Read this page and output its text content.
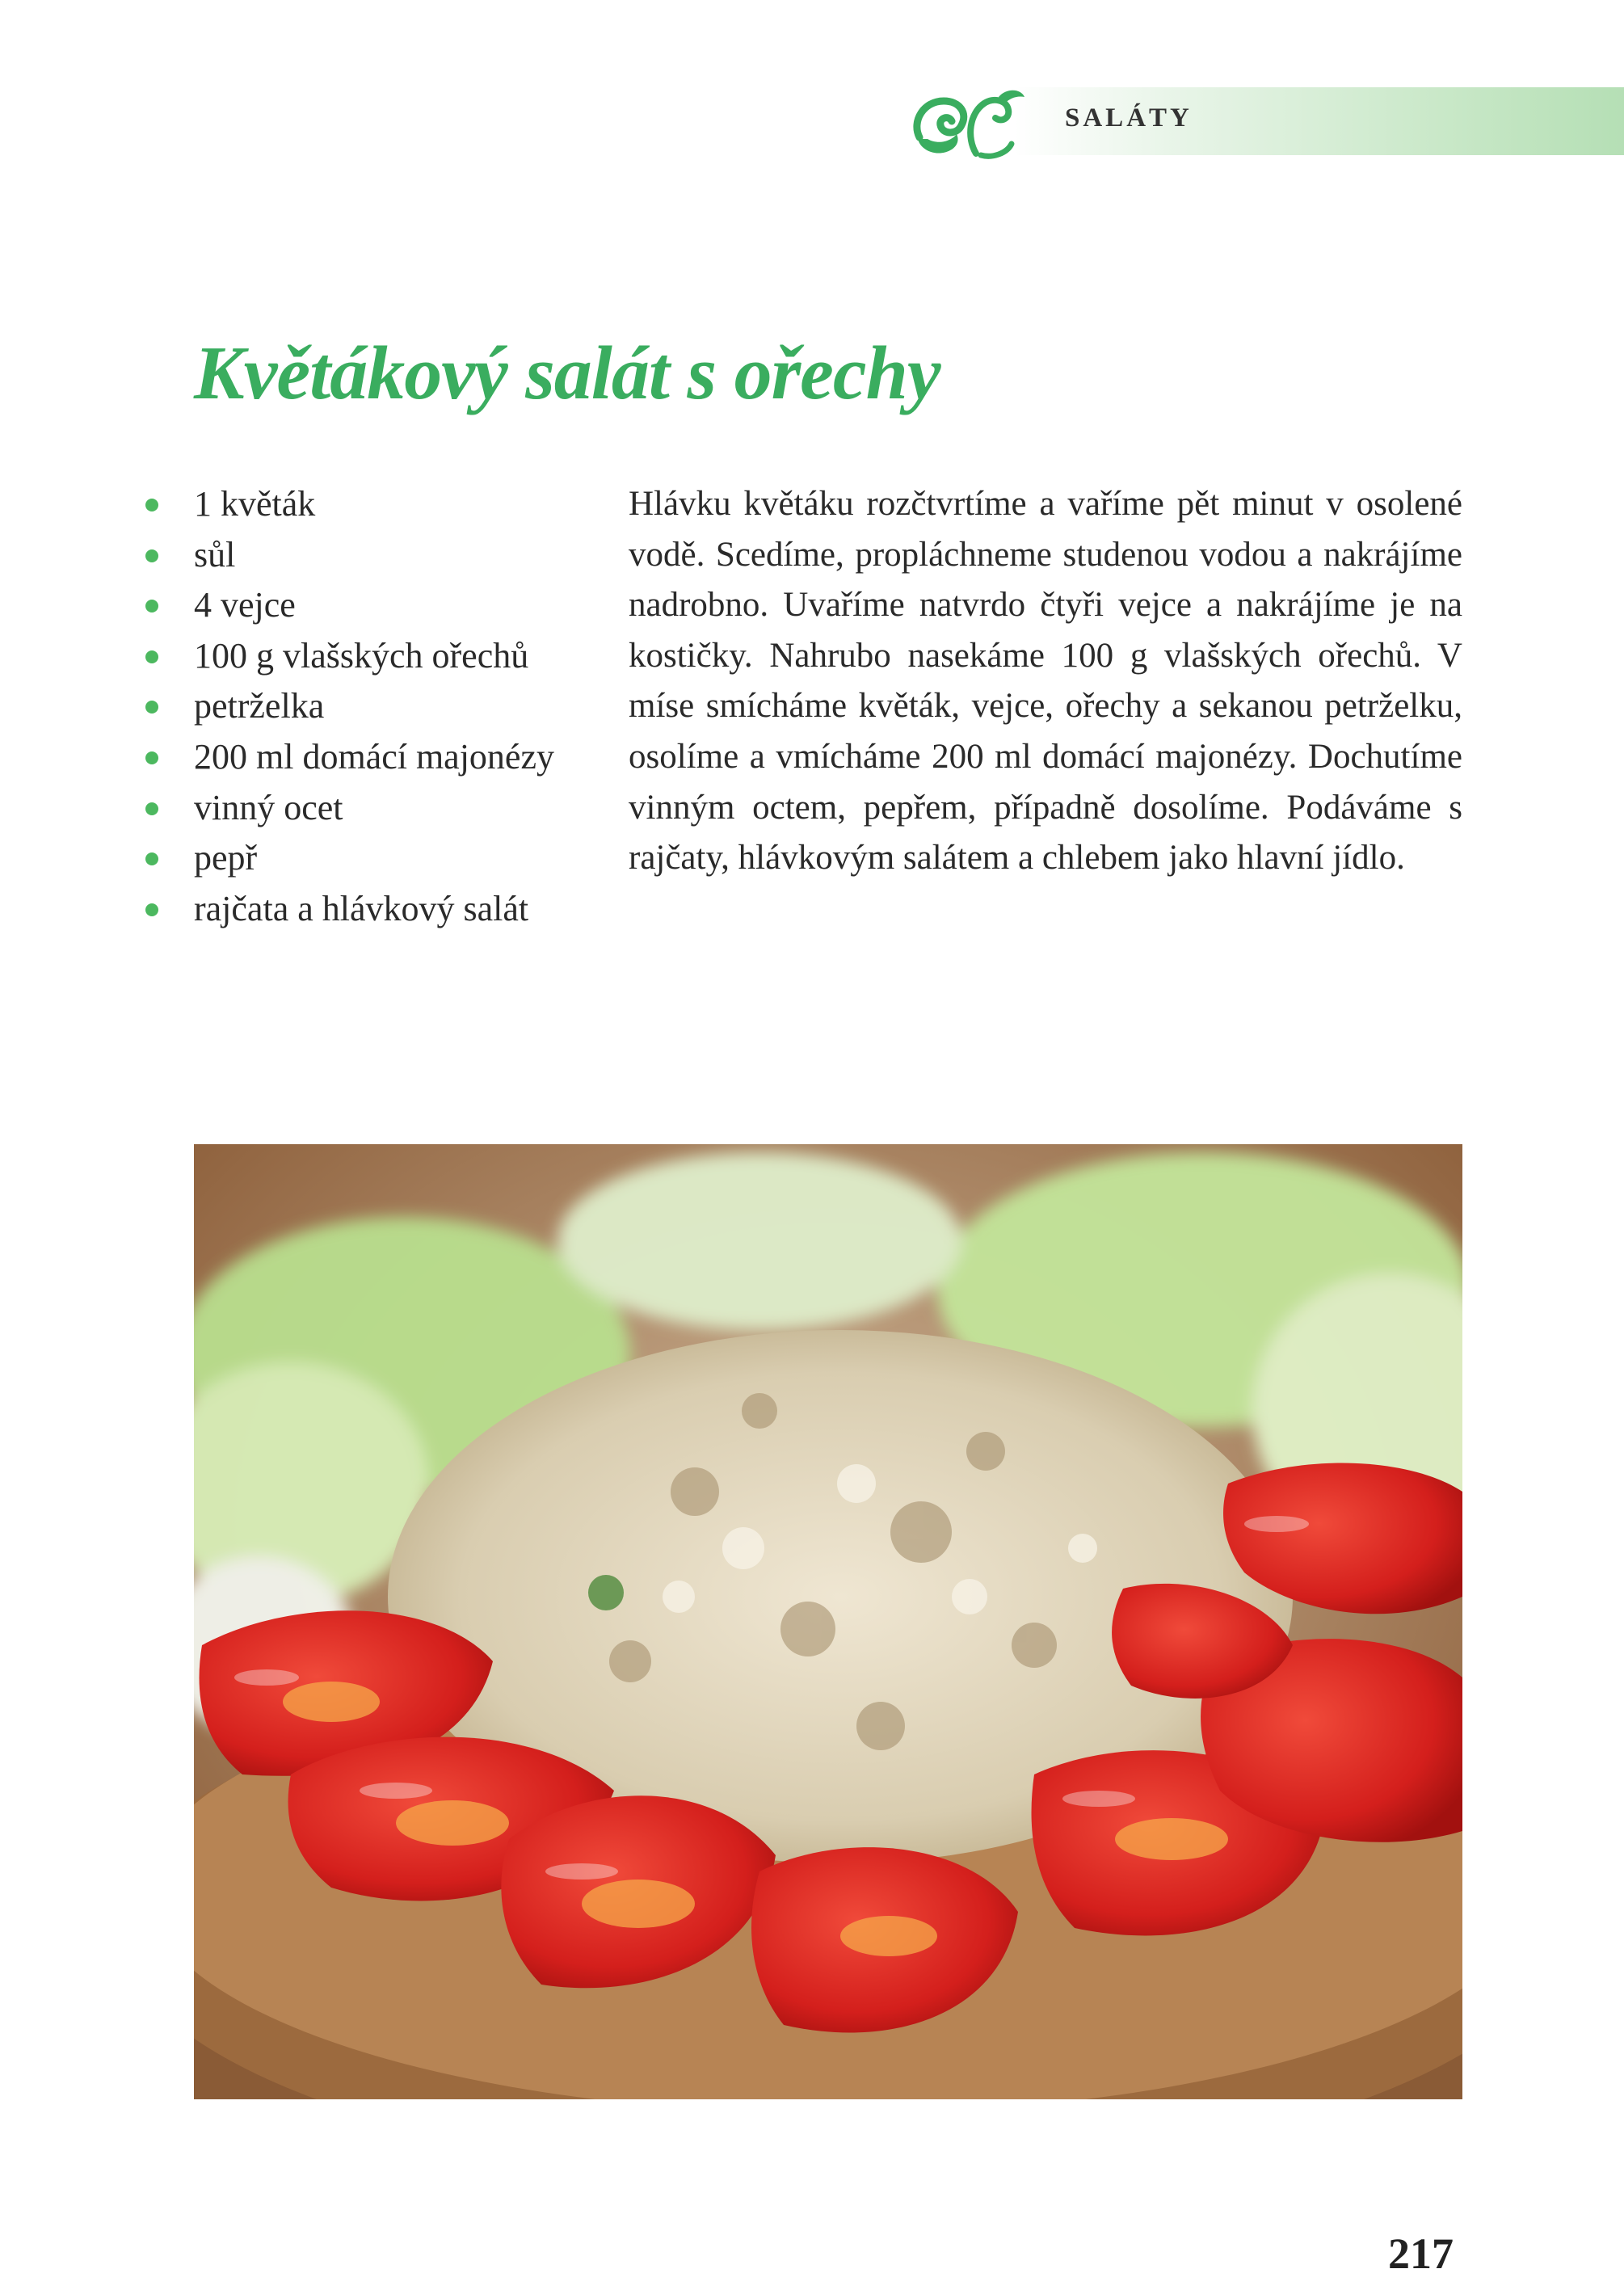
SALÁTY
Květákový salát s ořechy
1 květák
sůl
4 vejce
100 g vlašských ořechů
petrželka
200 ml domácí majonézy
vinný ocet
pepř
rajčata a hlávkový salát

Hlávku květáku rozčtvrtíme a vaříme pět minut v osolené vodě. Scedíme, propláchneme studenou vodou a nakrájíme nadrobno. Uvaříme natvrdo čtyři vejce a nakrájíme je na kostičky. Nahrubo nasekáme 100 g vlašských ořechů. V míse smícháme květák, vejce, ořechy a sekanou petrželku, osolíme a vmícháme 200 ml domácí majonézy. Dochutíme vinným octem, pepřem, případně dosolíme. Podáváme s rajčaty, hlávkovým salátem a chlebem jako hlavní jídlo.

217
